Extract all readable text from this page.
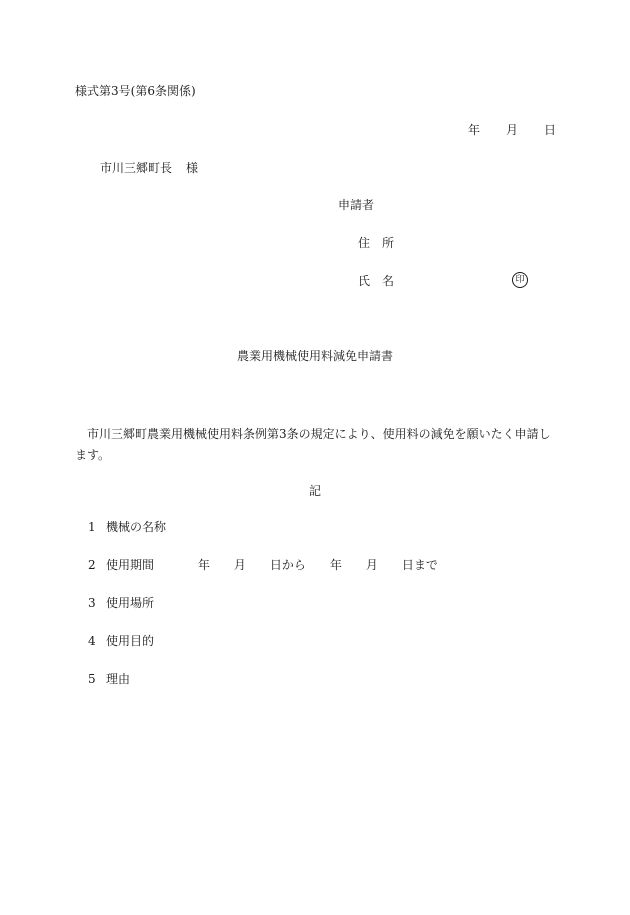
様式第3号(第6条関係)
年 月 日
市川三郷町長 様
申請者
住 所
氏 名	印
農業用機械使用料減免申請書
市川三郷町農業用機械使用料条例第3条の規定により、使用料の減免を願いたく申請します。
記
1 機械の名称
2 使用期間	年 月 日から 年 月 日まで
3 使用場所
4 使用目的
5 理由
